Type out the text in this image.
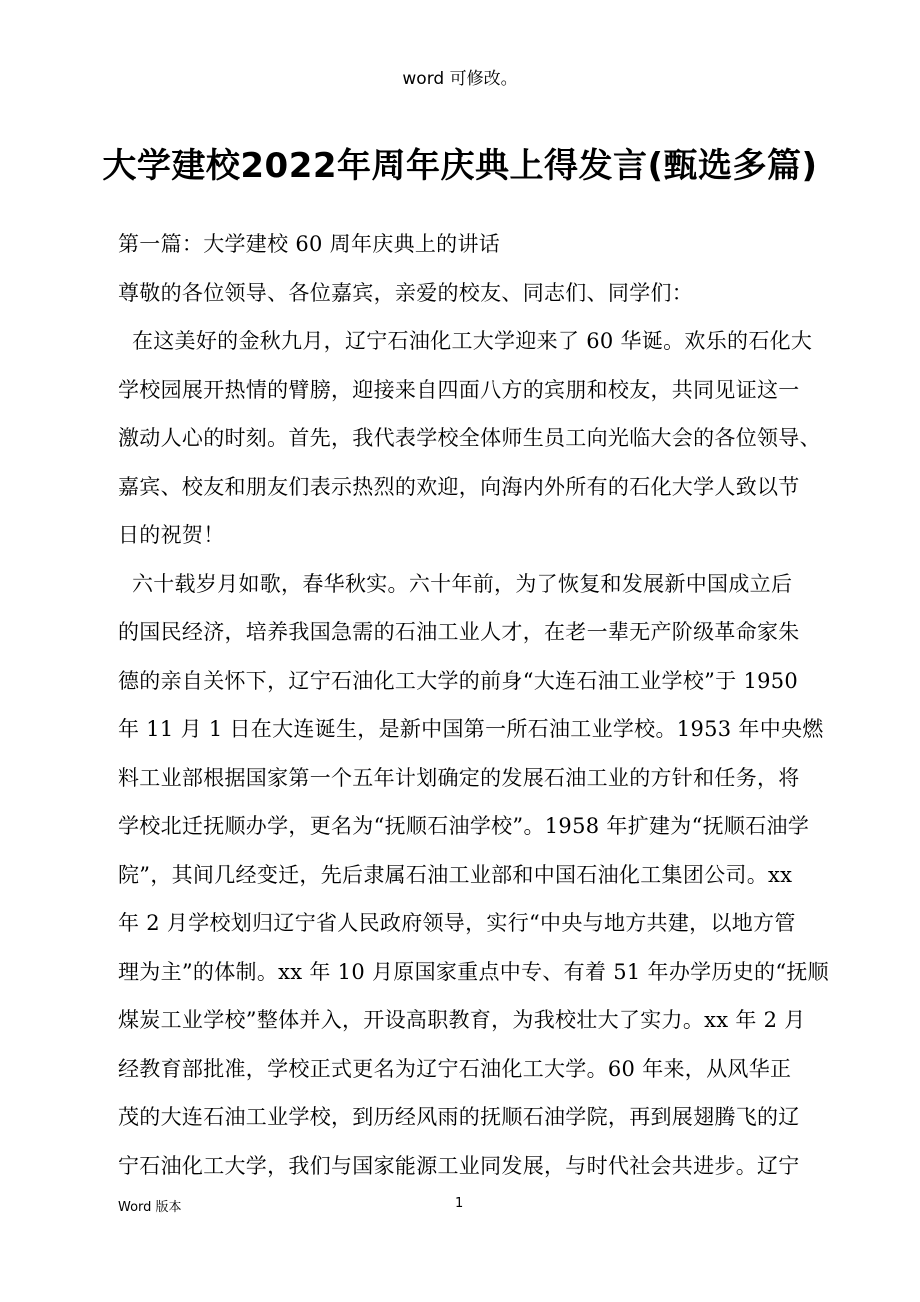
word 可修改。
大学建校2022年周年庆典上得发言(甄选多篇)
第一篇：大学建校 60 周年庆典上的讲话
尊敬的各位领导、各位嘉宾，亲爱的校友、同志们、同学们：
在这美好的金秋九月，辽宁石油化工大学迎来了 60 华诞。欢乐的石化大
学校园展开热情的臂膀，迎接来自四面八方的宾朋和校友，共同见证这一
激动人心的时刻。首先，我代表学校全体师生员工向光临大会的各位领导、
嘉宾、校友和朋友们表示热烈的欢迎，向海内外所有的石化大学人致以节
日的祝贺！
六十载岁月如歌，春华秋实。六十年前，为了恢复和发展新中国成立后
的国民经济，培养我国急需的石油工业人才，在老一辈无产阶级革命家朱
德的亲自关怀下，辽宁石油化工大学的前身“大连石油工业学校”于 1950
年 11 月 1 日在大连诞生，是新中国第一所石油工业学校。1953 年中央燃
料工业部根据国家第一个五年计划确定的发展石油工业的方针和任务，将
学校北迁抚顺办学，更名为“抚顺石油学校”。1958 年扩建为“抚顺石油学
院”，其间几经变迁，先后隶属石油工业部和中国石油化工集团公司。xx
年 2 月学校划归辽宁省人民政府领导，实行“中央与地方共建，以地方管
理为主”的体制。xx 年 10 月原国家重点中专、有着 51 年办学历史的“抚顺
煤炭工业学校”整体并入，开设高职教育，为我校壮大了实力。xx 年 2 月
经教育部批准，学校正式更名为辽宁石油化工大学。60 年来，从风华正
茂的大连石油工业学校，到历经风雨的抚顺石油学院，再到展翅腾飞的辽
宁石油化工大学，我们与国家能源工业同发展，与时代社会共进步。辽宁
Word 版本	1
